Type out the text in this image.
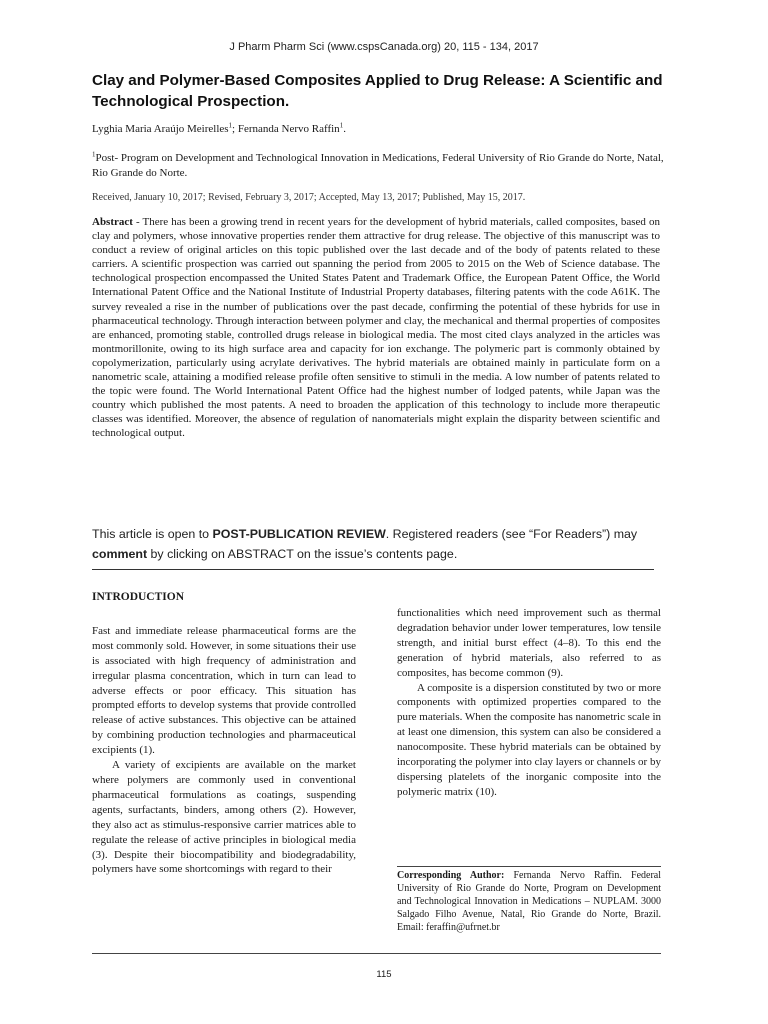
J Pharm Pharm Sci (www.cspsCanada.org) 20, 115 - 134, 2017
Clay and Polymer-Based Composites Applied to Drug Release: A Scientific and Technological Prospection.
Lyghia Maria Araújo Meirelles$^1$; Fernanda Nervo Raffin$^1$.
$^1$Post- Program on Development and Technological Innovation in Medications, Federal University of Rio Grande do Norte, Natal, Rio Grande do Norte.
Received, January 10, 2017; Revised, February 3, 2017; Accepted, May 13, 2017; Published, May 15, 2017.

Abstract - There has been a growing trend in recent years for the development of hybrid materials, called composites, based on clay and polymers, whose innovative properties render them attractive for drug release. The objective of this manuscript was to conduct a review of original articles on this topic published over the last decade and of the body of patents related to these carriers. A scientific prospection was carried out spanning the period from 2005 to 2015 on the Web of Science database. The technological prospection encompassed the United States Patent and Trademark Office, the European Patent Office, the World International Patent Office and the National Institute of Industrial Property databases, filtering patents with the code A61K. The survey revealed a rise in the number of publications over the past decade, confirming the potential of these hybrids for use in pharmaceutical technology. Through interaction between polymer and clay, the mechanical and thermal properties of composites are enhanced, promoting stable, controlled drugs release in biological media. The most cited clays analyzed in the articles was montmorillonite, owing to its high surface area and capacity for ion exchange. The polymeric part is commonly obtained by copolymerization, particularly using acrylate derivatives. The hybrid materials are obtained mainly in particulate form on a nanometric scale, attaining a modified release profile often sensitive to stimuli in the media. A low number of patents related to the topic were found. The World International Patent Office had the highest number of lodged patents, while Japan was the country which published the most patents. A need to broaden the application of this technology to include more therapeutic classes was identified. Moreover, the absence of regulation of nanomaterials might explain the disparity between scientific and technological output.

This article is open to POST-PUBLICATION REVIEW. Registered readers (see “For Readers”) may comment by clicking on ABSTRACT on the issue’s contents page.

INTRODUCTION

Fast and immediate release pharmaceutical forms are the most commonly sold. However, in some situations their use is associated with high frequency of administration and irregular plasma concentration, which in turn can lead to adverse effects or poor efficacy. This situation has prompted efforts to develop systems that provide controlled release of active substances. This objective can be attained by combining production technologies and pharmaceutical excipients (1).

A variety of excipients are available on the market where polymers are commonly used in conventional pharmaceutical formulations as coatings, suspending agents, surfactants, binders, among others (2). However, they also act as stimulus-responsive carrier matrices able to regulate the release of active principles in biological media (3). Despite their biocompatibility and biodegradability, polymers have some shortcomings with regard to their

functionalities which need improvement such as thermal degradation behavior under lower temperatures, low tensile strength, and initial burst effect (4–8). To this end the generation of hybrid materials, also referred to as composites, has become common (9).

A composite is a dispersion constituted by two or more components with optimized properties compared to the pure materials. When the composite has nanometric scale in at least one dimension, this system can also be considered a nanocomposite. These hybrid materials can be obtained by incorporating the polymer into clay layers or channels or by dispersing platelets of the inorganic composite into the polymeric matrix (10).

Corresponding Author: Fernanda Nervo Raffin. Federal University of Rio Grande do Norte, Program on Development and Technological Innovation in Medications – NUPLAM. 3000 Salgado Filho Avenue, Natal, Rio Grande do Norte, Brazil. Email: feraffin@ufrnet.br
115
